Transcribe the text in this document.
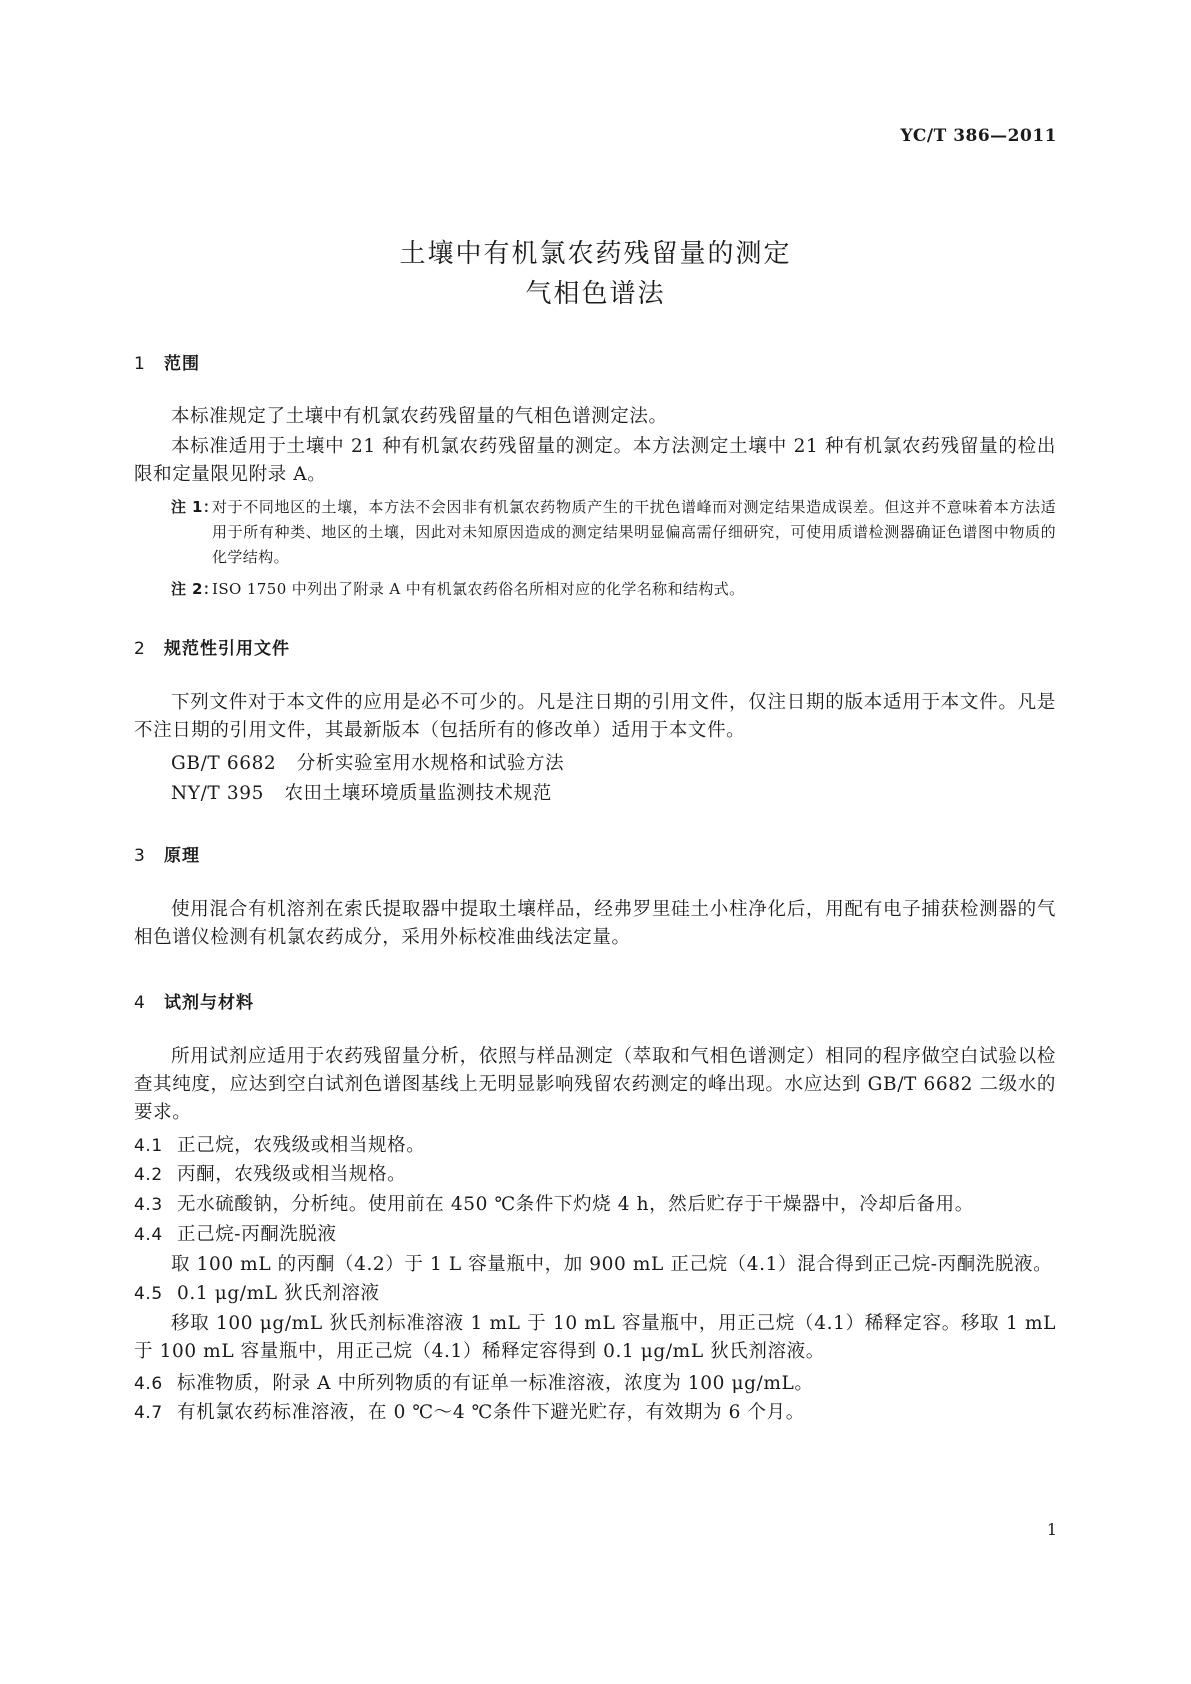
YC/T 386—2011
土壤中有机氯农药残留量的测定
气相色谱法
1 范围
本标准规定了土壤中有机氯农药残留量的气相色谱测定法。
本标准适用于土壤中 21 种有机氯农药残留量的测定。本方法测定土壤中 21 种有机氯农药残留量的检出限和定量限见附录 A。
注 1：
对于不同地区的土壤，本方法不会因非有机氯农药物质产生的干扰色谱峰而对测定结果造成误差。但这并不意味着本方法适用于所有种类、地区的土壤，因此对未知原因造成的测定结果明显偏高需仔细研究，可使用质谱检测器确证色谱图中物质的化学结构。
注 2：
ISO 1750 中列出了附录 A 中有机氯农药俗名所相对应的化学名称和结构式。
2 规范性引用文件
下列文件对于本文件的应用是必不可少的。凡是注日期的引用文件，仅注日期的版本适用于本文件。凡是不注日期的引用文件，其最新版本（包括所有的修改单）适用于本文件。
GB/T 6682 分析实验室用水规格和试验方法
NY/T 395 农田土壤环境质量监测技术规范
3 原理
使用混合有机溶剂在索氏提取器中提取土壤样品，经弗罗里硅土小柱净化后，用配有电子捕获检测器的气相色谱仪检测有机氯农药成分，采用外标校准曲线法定量。
4 试剂与材料
所用试剂应适用于农药残留量分析，依照与样品测定（萃取和气相色谱测定）相同的程序做空白试验以检查其纯度，应达到空白试剂色谱图基线上无明显影响残留农药测定的峰出现。水应达到 GB/T 6682 二级水的要求。
4.1 正己烷，农残级或相当规格。
4.2 丙酮，农残级或相当规格。
4.3 无水硫酸钠，分析纯。使用前在 450 ℃条件下灼烧 4 h，然后贮存于干燥器中，冷却后备用。
4.4 正己烷-丙酮洗脱液
取 100 mL 的丙酮（4.2）于 1 L 容量瓶中，加 900 mL 正己烷（4.1）混合得到正己烷-丙酮洗脱液。
4.5 0.1 μg/mL 狄氏剂溶液
移取 100 μg/mL 狄氏剂标准溶液 1 mL 于 10 mL 容量瓶中，用正己烷（4.1）稀释定容。移取 1 mL 于 100 mL 容量瓶中，用正己烷（4.1）稀释定容得到 0.1 μg/mL 狄氏剂溶液。
4.6 标准物质，附录 A 中所列物质的有证单一标准溶液，浓度为 100 μg/mL。
4.7 有机氯农药标准溶液，在 0 ℃～4 ℃条件下避光贮存，有效期为 6 个月。
1
